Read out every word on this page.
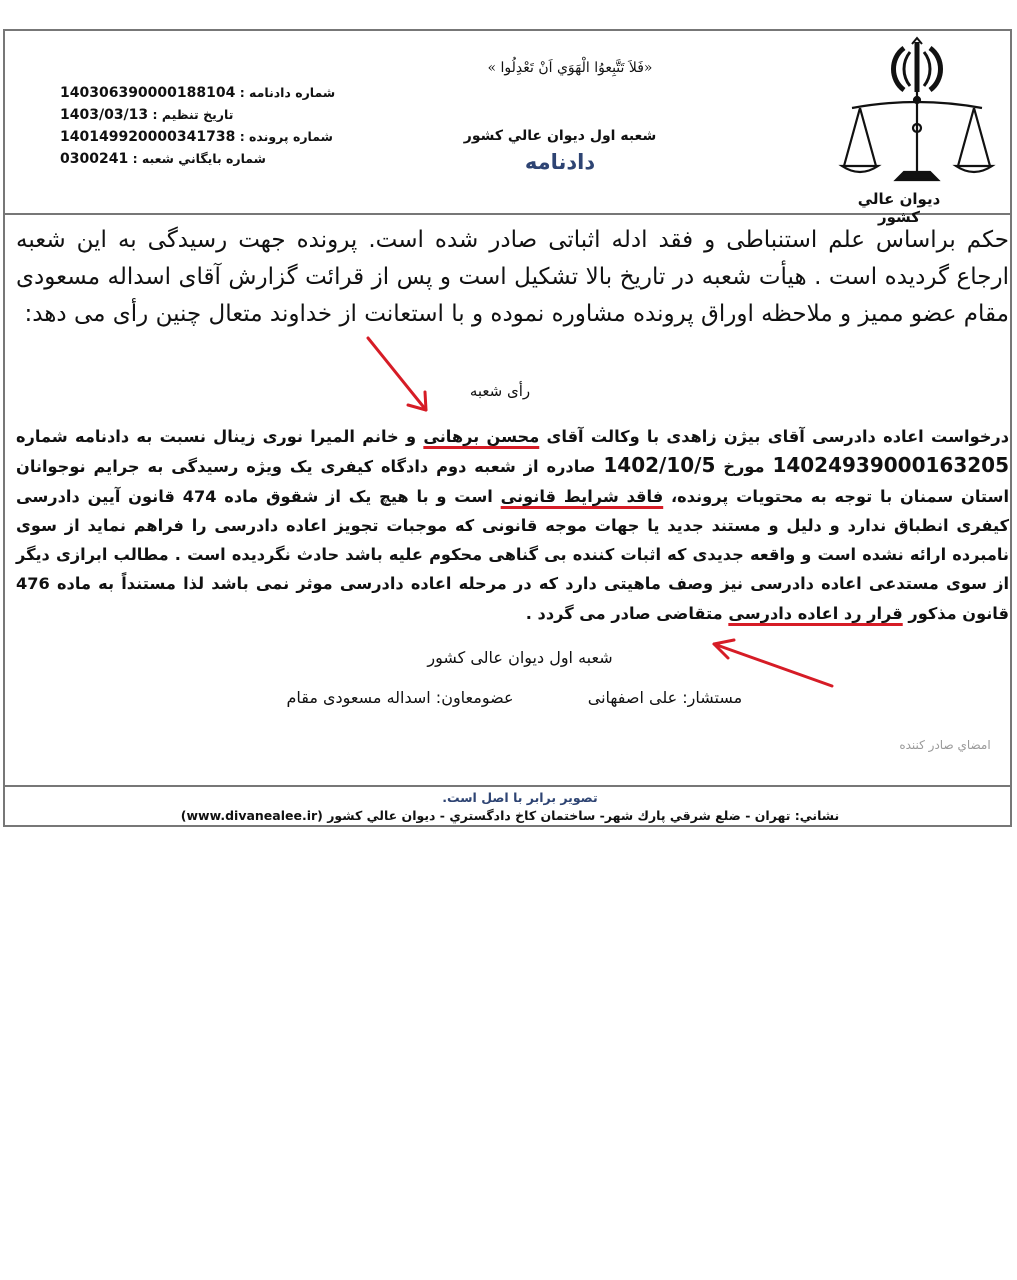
ديوان عالي كشور
«فَلاَ تَتَّبِعوُا الْهَوَي اَنْ تَعْدِلُوا »
شعبه اول ديوان عالي كشور
دادنامه
شماره دادنامه : 140306390000188104
تاريخ تنظيم : 1403/03/13
شماره پرونده : 140149920000341738
شماره بايگاني شعبه : 0300241
حکم براساس علم استنباطی و فقد ادله اثباتی صادر شده است. پرونده جهت رسیدگی به این شعبه ارجاع گردیده است . هیأت شعبه در تاریخ بالا تشکیل است و پس از قرائت گزارش آقای اسداله مسعودی مقام عضو ممیز و ملاحظه اوراق پرونده مشاوره نموده و با استعانت از خداوند متعال چنین رأی می دهد:
رأی شعبه
درخواست اعاده دادرسی آقای بیژن زاهدی با وکالت آقای محسن برهانی و خانم المیرا نوری زینال نسبت به دادنامه شماره 14024939000163205 مورخ 1402/10/5 صادره از شعبه دوم دادگاه کیفری یک ویژه رسیدگی به جرایم نوجوانان استان سمنان با توجه به محتویات پرونده، فاقد شرایط قانونی است و با هیچ یک از شقوق ماده 474 قانون آیین دادرسی کیفری انطباق ندارد و دلیل و مستند جدید یا جهات موجه قانونی که موجبات تجویز اعاده دادرسی را فراهم نماید از سوی نامبرده ارائه نشده است و واقعه جدیدی که اثبات کننده بی گناهی محکوم علیه باشد حادث نگردیده است . مطالب ابرازی دیگر از سوی مستدعی اعاده دادرسی نیز وصف ماهیتی دارد که در مرحله اعاده دادرسی موثر نمی باشد لذا مستنداً به ماده 476 قانون مذکور قرار رد اعاده دادرسی متقاضی صادر می گردد .
شعبه اول دیوان عالی کشور
مستشار: علی اصفهانی
عضومعاون: اسداله مسعودی مقام
امضاي صادر كننده
تصوير برابر با اصل است.
نشاني: تهران - ضلع شرقي پارك شهر- ساختمان كاخ دادگستري - ديوان عالي كشور (www.divanealee.ir)
